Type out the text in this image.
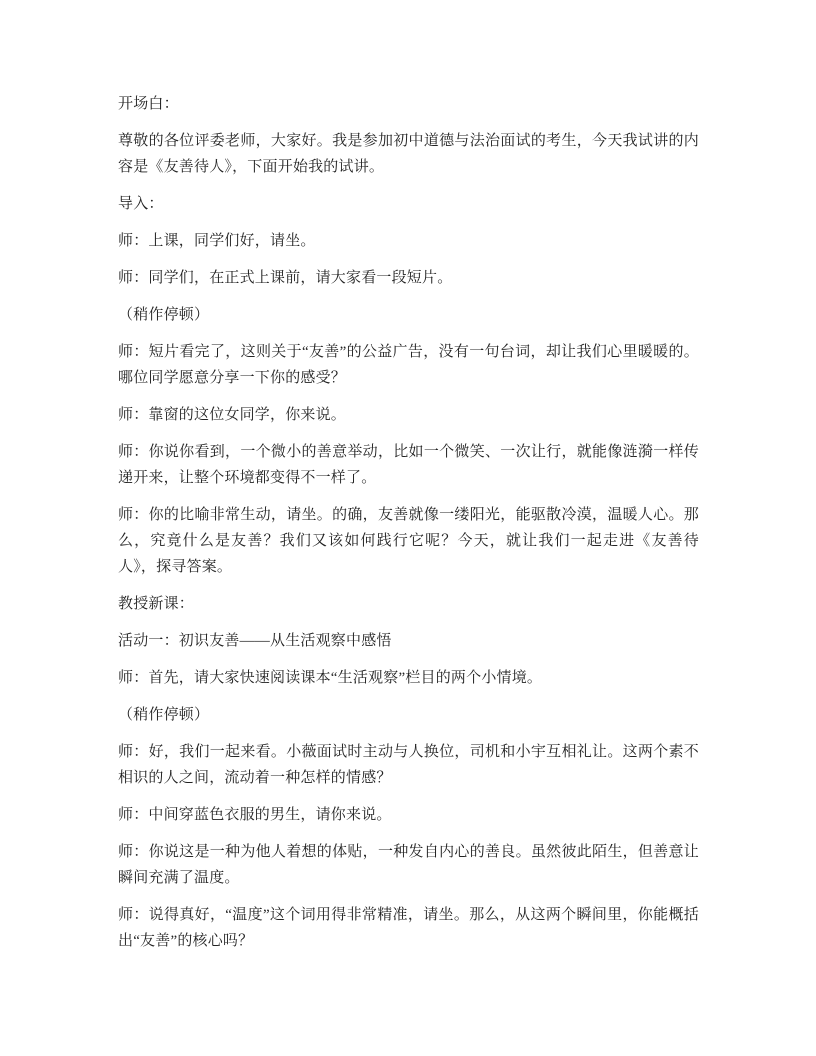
开场白：

尊敬的各位评委老师，大家好。我是参加初中道德与法治面试的考生，今天我试讲的内容是《友善待人》，下面开始我的试讲。

导入：

师：上课，同学们好，请坐。

师：同学们，在正式上课前，请大家看一段短片。

（稍作停顿）

师：短片看完了，这则关于“友善”的公益广告，没有一句台词，却让我们心里暖暖的。哪位同学愿意分享一下你的感受？

师：靠窗的这位女同学，你来说。

师：你说你看到，一个微小的善意举动，比如一个微笑、一次让行，就能像涟漪一样传递开来，让整个环境都变得不一样了。

师：你的比喻非常生动，请坐。的确，友善就像一缕阳光，能驱散冷漠，温暖人心。那么，究竟什么是友善？我们又该如何践行它呢？今天，就让我们一起走进《友善待人》，探寻答案。

教授新课：

活动一：初识友善——从生活观察中感悟

师：首先，请大家快速阅读课本“生活观察”栏目的两个小情境。

（稍作停顿）

师：好，我们一起来看。小薇面试时主动与人换位，司机和小宇互相礼让。这两个素不相识的人之间，流动着一种怎样的情感？

师：中间穿蓝色衣服的男生，请你来说。

师：你说这是一种为他人着想的体贴，一种发自内心的善良。虽然彼此陌生，但善意让瞬间充满了温度。

师：说得真好，“温度”这个词用得非常精准，请坐。那么，从这两个瞬间里，你能概括出“友善”的核心吗？
